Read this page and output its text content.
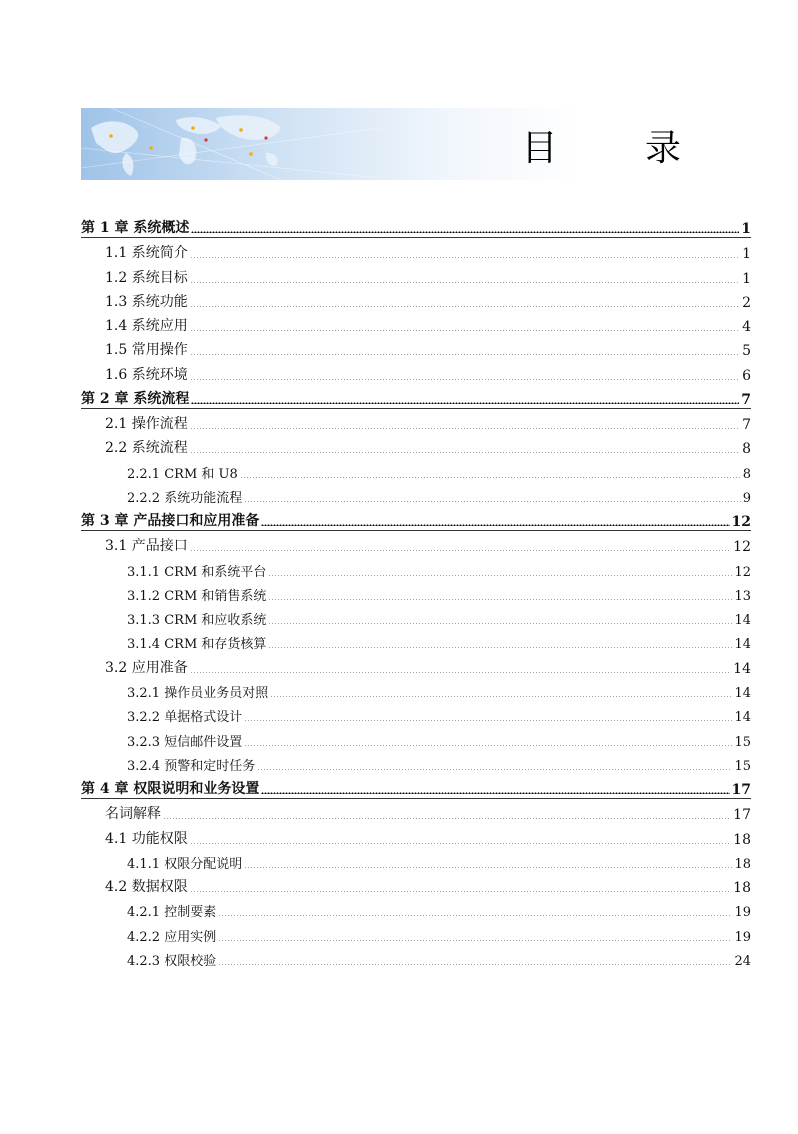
目 录
第 1 章 系统概述	1
1.1 系统简介	1
1.2 系统目标	1
1.3 系统功能	2
1.4 系统应用	4
1.5 常用操作	5
1.6 系统环境	6
第 2 章 系统流程	7
2.1 操作流程	7
2.2 系统流程	8
2.2.1 CRM 和 U8	8
2.2.2 系统功能流程	9
第 3 章 产品接口和应用准备	12
3.1 产品接口	12
3.1.1 CRM 和系统平台	12
3.1.2 CRM 和销售系统	13
3.1.3 CRM 和应收系统	14
3.1.4 CRM 和存货核算	14
3.2 应用准备	14
3.2.1 操作员业务员对照	14
3.2.2 单据格式设计	14
3.2.3 短信邮件设置	15
3.2.4 预警和定时任务	15
第 4 章 权限说明和业务设置	17
名词解释	17
4.1 功能权限	18
4.1.1 权限分配说明	18
4.2 数据权限	18
4.2.1 控制要素	19
4.2.2 应用实例	19
4.2.3 权限校验	24
